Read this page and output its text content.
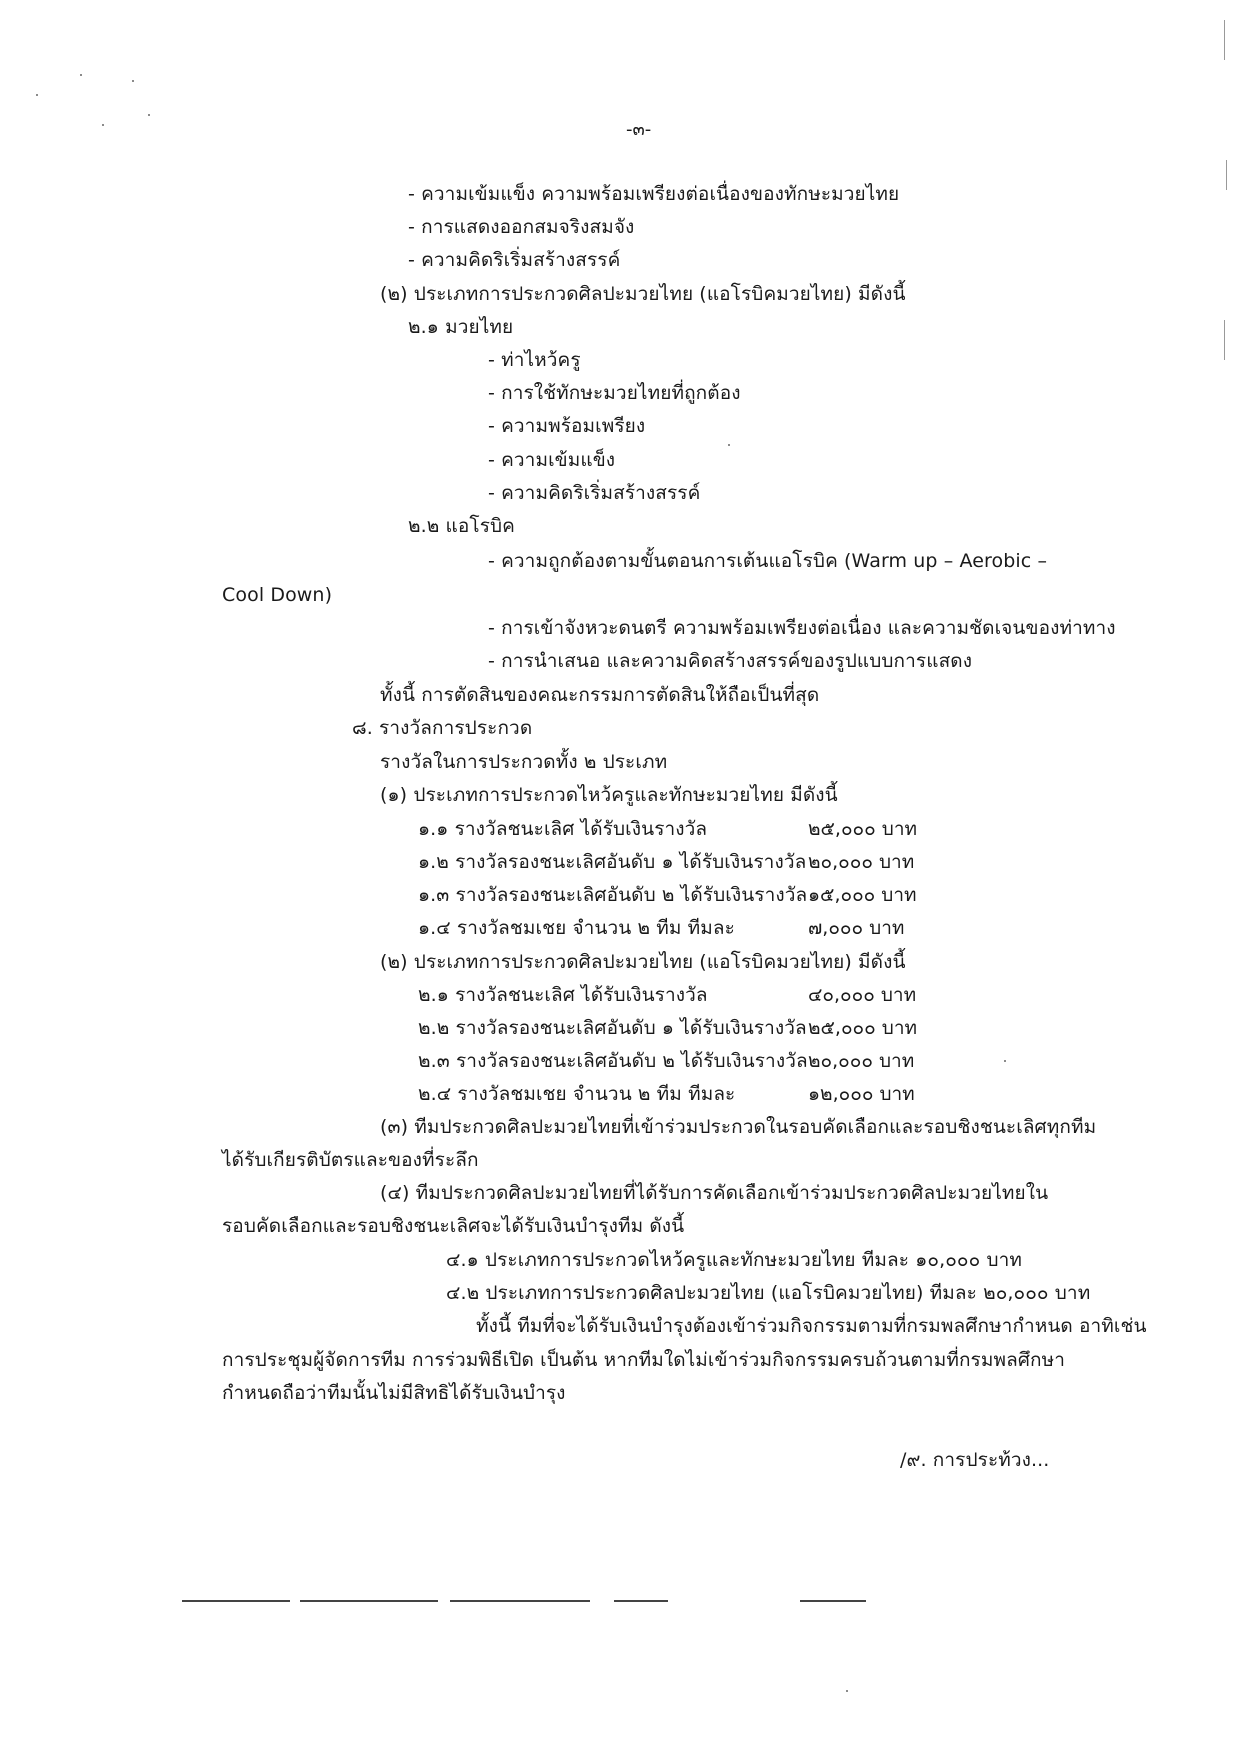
-๓-
- ความเข้มแข็ง ความพร้อมเพรียงต่อเนื่องของทักษะมวยไทย
- การแสดงออกสมจริงสมจัง
- ความคิดริเริ่มสร้างสรรค์
(๒) ประเภทการประกวดศิลปะมวยไทย (แอโรบิคมวยไทย) มีดังนี้
๒.๑ มวยไทย
- ท่าไหว้ครู
- การใช้ทักษะมวยไทยที่ถูกต้อง
- ความพร้อมเพรียง
- ความเข้มแข็ง
- ความคิดริเริ่มสร้างสรรค์
๒.๒ แอโรบิค
- ความถูกต้องตามขั้นตอนการเต้นแอโรบิค (Warm up – Aerobic –
Cool Down)
- การเข้าจังหวะดนตรี ความพร้อมเพรียงต่อเนื่อง และความชัดเจนของท่าทาง
- การนำเสนอ และความคิดสร้างสรรค์ของรูปแบบการแสดง
ทั้งนี้ การตัดสินของคณะกรรมการตัดสินให้ถือเป็นที่สุด
๘. รางวัลการประกวด
รางวัลในการประกวดทั้ง ๒ ประเภท
(๑) ประเภทการประกวดไหว้ครูและทักษะมวยไทย มีดังนี้
๑.๑ รางวัลชนะเลิศ ได้รับเงินรางวัล	๒๕,๐๐๐ บาท
๑.๒ รางวัลรองชนะเลิศอันดับ ๑ ได้รับเงินรางวัล ๒๐,๐๐๐ บาท
๑.๓ รางวัลรองชนะเลิศอันดับ ๒ ได้รับเงินรางวัล ๑๕,๐๐๐ บาท
๑.๔ รางวัลชมเชย จำนวน ๒ ทีม ทีมละ	๗,๐๐๐ บาท
(๒) ประเภทการประกวดศิลปะมวยไทย (แอโรบิคมวยไทย) มีดังนี้
๒.๑ รางวัลชนะเลิศ ได้รับเงินรางวัล	๔๐,๐๐๐ บาท
๒.๒ รางวัลรองชนะเลิศอันดับ ๑ ได้รับเงินรางวัล ๒๕,๐๐๐ บาท
๒.๓ รางวัลรองชนะเลิศอันดับ ๒ ได้รับเงินรางวัล ๒๐,๐๐๐ บาท
๒.๔ รางวัลชมเชย จำนวน ๒ ทีม ทีมละ	๑๒,๐๐๐ บาท
(๓) ทีมประกวดศิลปะมวยไทยที่เข้าร่วมประกวดในรอบคัดเลือกและรอบชิงชนะเลิศทุกทีม
ได้รับเกียรติบัตรและของที่ระลึก
(๔) ทีมประกวดศิลปะมวยไทยที่ได้รับการคัดเลือกเข้าร่วมประกวดศิลปะมวยไทยใน
รอบคัดเลือกและรอบชิงชนะเลิศจะได้รับเงินบำรุงทีม ดังนี้
๔.๑ ประเภทการประกวดไหว้ครูและทักษะมวยไทย ทีมละ ๑๐,๐๐๐ บาท
๔.๒ ประเภทการประกวดศิลปะมวยไทย (แอโรบิคมวยไทย) ทีมละ ๒๐,๐๐๐ บาท
ทั้งนี้ ทีมที่จะได้รับเงินบำรุงต้องเข้าร่วมกิจกรรมตามที่กรมพลศึกษากำหนด อาทิเช่น
การประชุมผู้จัดการทีม การร่วมพิธีเปิด เป็นต้น หากทีมใดไม่เข้าร่วมกิจกรรมครบถ้วนตามที่กรมพลศึกษา
กำหนดถือว่าทีมนั้นไม่มีสิทธิได้รับเงินบำรุง
/๙. การประท้วง...
